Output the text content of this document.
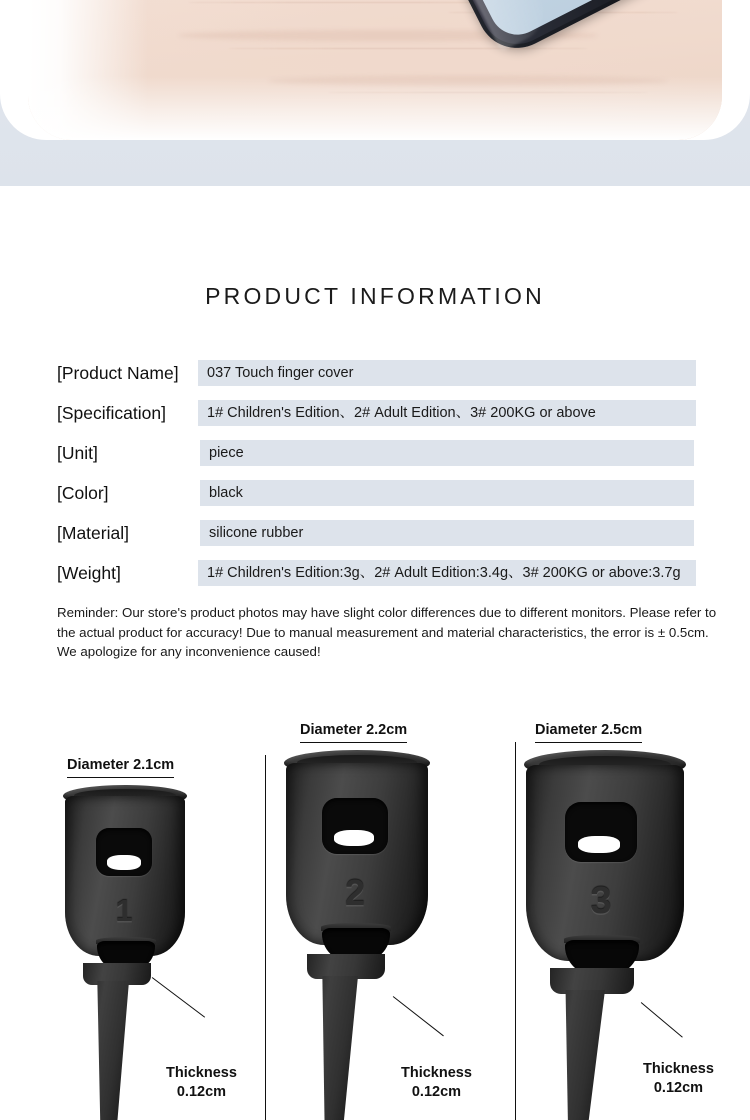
PRODUCT INFORMATION
[Product Name]	037 Touch finger cover
[Specification]	1# Children's Edition、2# Adult Edition、3# 200KG or above
[Unit]	piece
[Color]	black
[Material]	silicone rubber
[Weight]	1# Children's Edition:3g、2# Adult Edition:3.4g、3# 200KG or above:3.7g
Reminder: Our store's product photos may have slight color differences due to different monitors. Please refer to the actual product for accuracy! Due to manual measurement and material characteristics, the error is ± 0.5cm. We apologize for any inconvenience caused!
Diameter 2.1cm
1
Thickness
0.12cm
Diameter 2.2cm
2
Thickness
0.12cm
Diameter 2.5cm
3
Thickness
0.12cm
